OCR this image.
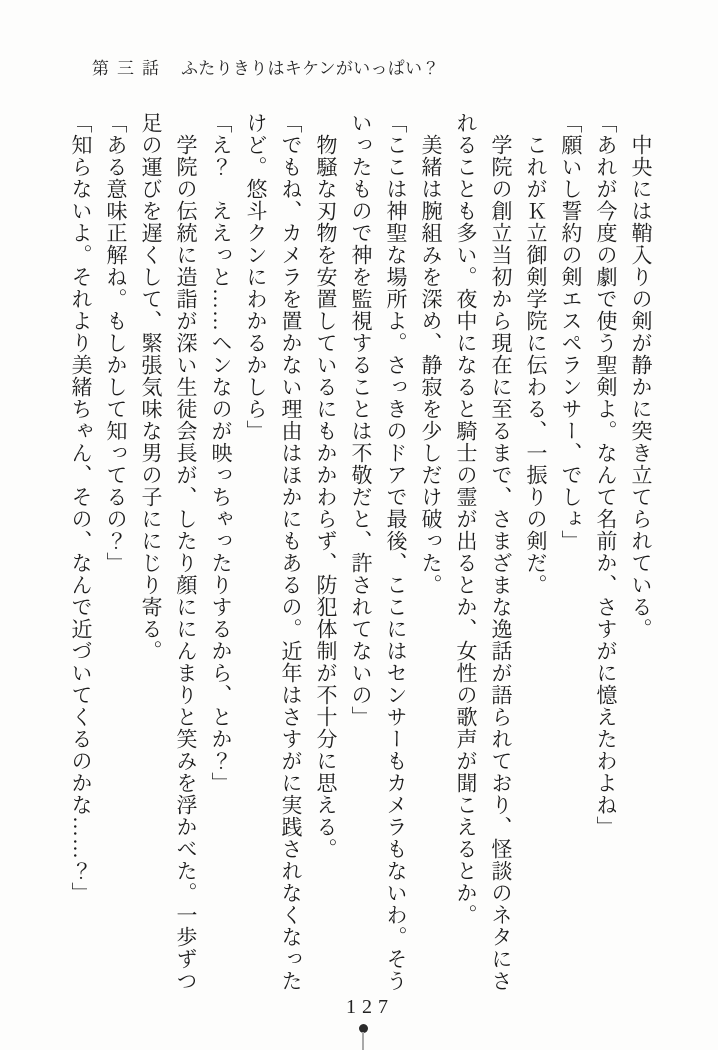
第三話 ふたりきりはキケンがいっぱい？

中央には鞘入りの剣が静かに突き立てられている。

「あれが今度の劇で使う聖剣よ。なんて名前か、さすがに憶えたわよね」

「願いし誓約の剣エスペランサー、でしょ」

これがＫ立御剣学院に伝わる、一振りの剣だ。

学院の創立当初から現在に至るまで、さまざまな逸話が語られており、怪談のネタにされることも多い。夜中になると騎士の霊が出るとか、女性の歌声が聞こえるとか。

美緒は腕組みを深め、静寂を少しだけ破った。

「ここは神聖な場所よ。さっきのドアで最後、ここにはセンサーもカメラもないわ。そういったもので神を監視することは不敬だと、許されてないの」

物騒な刃物を安置しているにもかかわらず、防犯体制が不十分に思える。

「でもね、カメラを置かない理由はほかにもあるの。近年はさすがに実践されなくなったけど。悠斗クンにわかるかしら」

「え？　ええっと……ヘンなのが映っちゃったりするから、とか？」

学院の伝統に造詣が深い生徒会長が、したり顔ににんまりと笑みを浮かべた。一歩ずつ足の運びを遅くして、緊張気味な男の子ににじり寄る。

「ある意味正解ね。もしかして知ってるの？」

「知らないよ。それより美緒ちゃん、その、なんで近づいてくるのかな……？」

127
